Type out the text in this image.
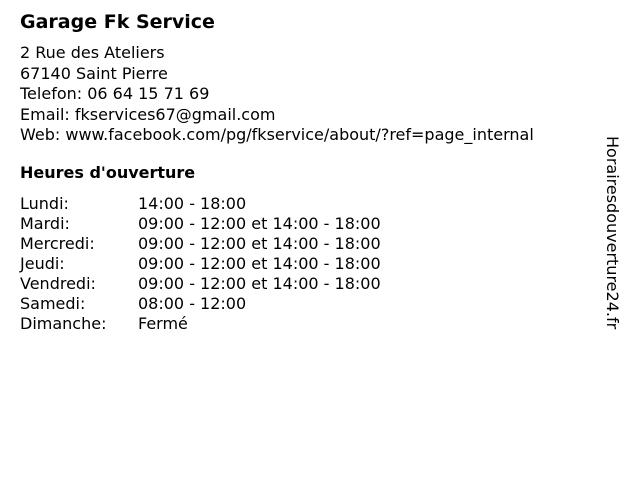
Garage Fk Service
2 Rue des Ateliers
67140 Saint Pierre
Telefon: 06 64 15 71 69
Email: fkservices67@gmail.com
Web: www.facebook.com/pg/fkservice/about/?ref=page_internal
Heures d'ouverture
Lundi:	14:00 - 18:00
Mardi:	09:00 - 12:00 et 14:00 - 18:00
Mercredi:	09:00 - 12:00 et 14:00 - 18:00
Jeudi:	09:00 - 12:00 et 14:00 - 18:00
Vendredi:	09:00 - 12:00 et 14:00 - 18:00
Samedi:	08:00 - 12:00
Dimanche:	Fermé	Horairesdouverture24.fr
